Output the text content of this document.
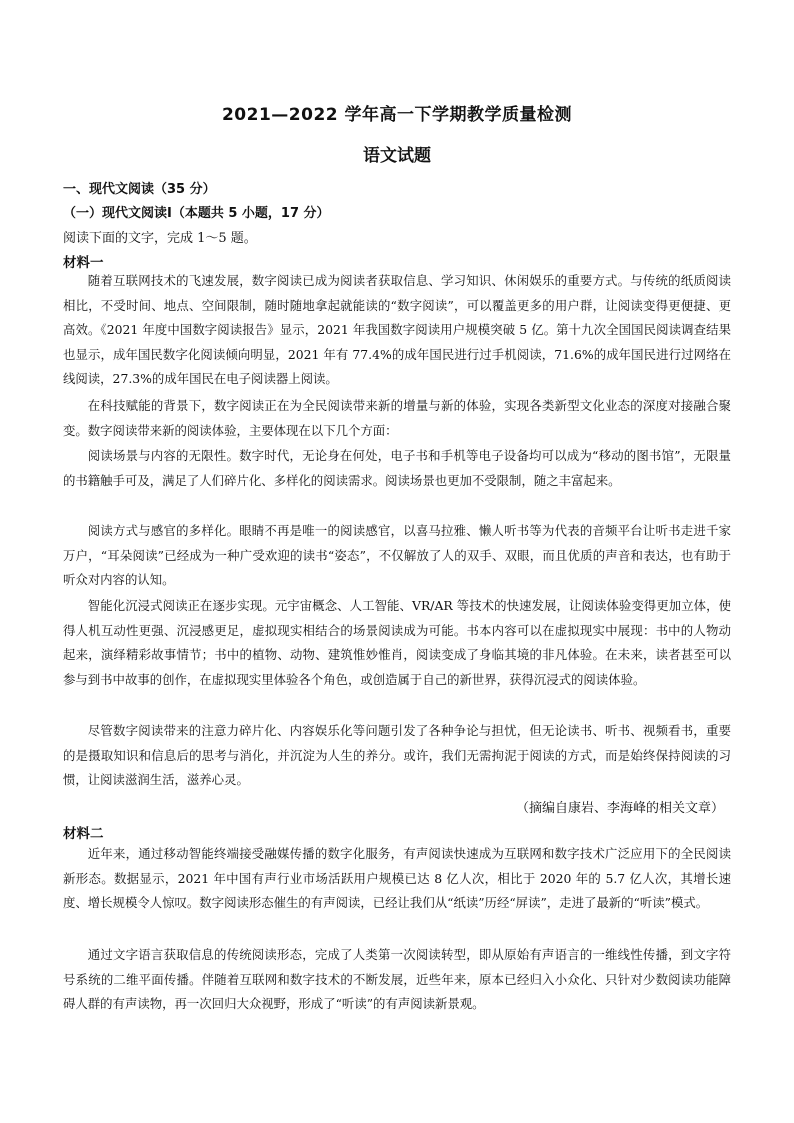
2021—2022 学年高一下学期教学质量检测
语文试题
一、现代文阅读（35 分）
（一）现代文阅读Ⅰ（本题共 5 小题，17 分）
阅读下面的文字，完成 1～5 题。
材料一

随着互联网技术的飞速发展，数字阅读已成为阅读者获取信息、学习知识、休闲娱乐的重要方式。与传统的纸质阅读相比，不受时间、地点、空间限制，随时随地拿起就能读的“数字阅读”，可以覆盖更多的用户群，让阅读变得更便捷、更高效。《2021 年度中国数字阅读报告》显示，2021 年我国数字阅读用户规模突破 5 亿。第十九次全国国民阅读调查结果也显示，成年国民数字化阅读倾向明显，2021 年有 77.4%的成年国民进行过手机阅读，71.6%的成年国民进行过网络在线阅读，27.3%的成年国民在电子阅读器上阅读。

在科技赋能的背景下，数字阅读正在为全民阅读带来新的增量与新的体验，实现各类新型文化业态的深度对接融合聚变。数字阅读带来新的阅读体验，主要体现在以下几个方面：

阅读场景与内容的无限性。数字时代，无论身在何处，电子书和手机等电子设备均可以成为“移动的图书馆”，无限量的书籍触手可及，满足了人们碎片化、多样化的阅读需求。阅读场景也更加不受限制，随之丰富起来。

阅读方式与感官的多样化。眼睛不再是唯一的阅读感官，以喜马拉雅、懒人听书等为代表的音频平台让听书走进千家万户，“耳朵阅读”已经成为一种广受欢迎的读书“姿态”，不仅解放了人的双手、双眼，而且优质的声音和表达，也有助于听众对内容的认知。

智能化沉浸式阅读正在逐步实现。元宇宙概念、人工智能、VR/AR 等技术的快速发展，让阅读体验变得更加立体，使得人机互动性更强、沉浸感更足，虚拟现实相结合的场景阅读成为可能。书本内容可以在虚拟现实中展现：书中的人物动起来，演绎精彩故事情节；书中的植物、动物、建筑惟妙惟肖，阅读变成了身临其境的非凡体验。在未来，读者甚至可以参与到书中故事的创作，在虚拟现实里体验各个角色，或创造属于自己的新世界，获得沉浸式的阅读体验。

尽管数字阅读带来的注意力碎片化、内容娱乐化等问题引发了各种争论与担忧，但无论读书、听书、视频看书，重要的是摄取知识和信息后的思考与消化，并沉淀为人生的养分。或许，我们无需拘泥于阅读的方式，而是始终保持阅读的习惯，让阅读滋润生活，滋养心灵。

（摘编自康岩、李海峰的相关文章）
材料二

近年来，通过移动智能终端接受融媒传播的数字化服务，有声阅读快速成为互联网和数字技术广泛应用下的全民阅读新形态。数据显示，2021 年中国有声行业市场活跃用户规模已达 8 亿人次，相比于 2020 年的 5.7 亿人次，其增长速度、增长规模令人惊叹。数字阅读形态催生的有声阅读，已经让我们从“纸读”历经“屏读”，走进了最新的“听读”模式。

通过文字语言获取信息的传统阅读形态，完成了人类第一次阅读转型，即从原始有声语言的一维线性传播，到文字符号系统的二维平面传播。伴随着互联网和数字技术的不断发展，近些年来，原本已经归入小众化、只针对少数阅读功能障碍人群的有声读物，再一次回归大众视野，形成了“听读”的有声阅读新景观。
